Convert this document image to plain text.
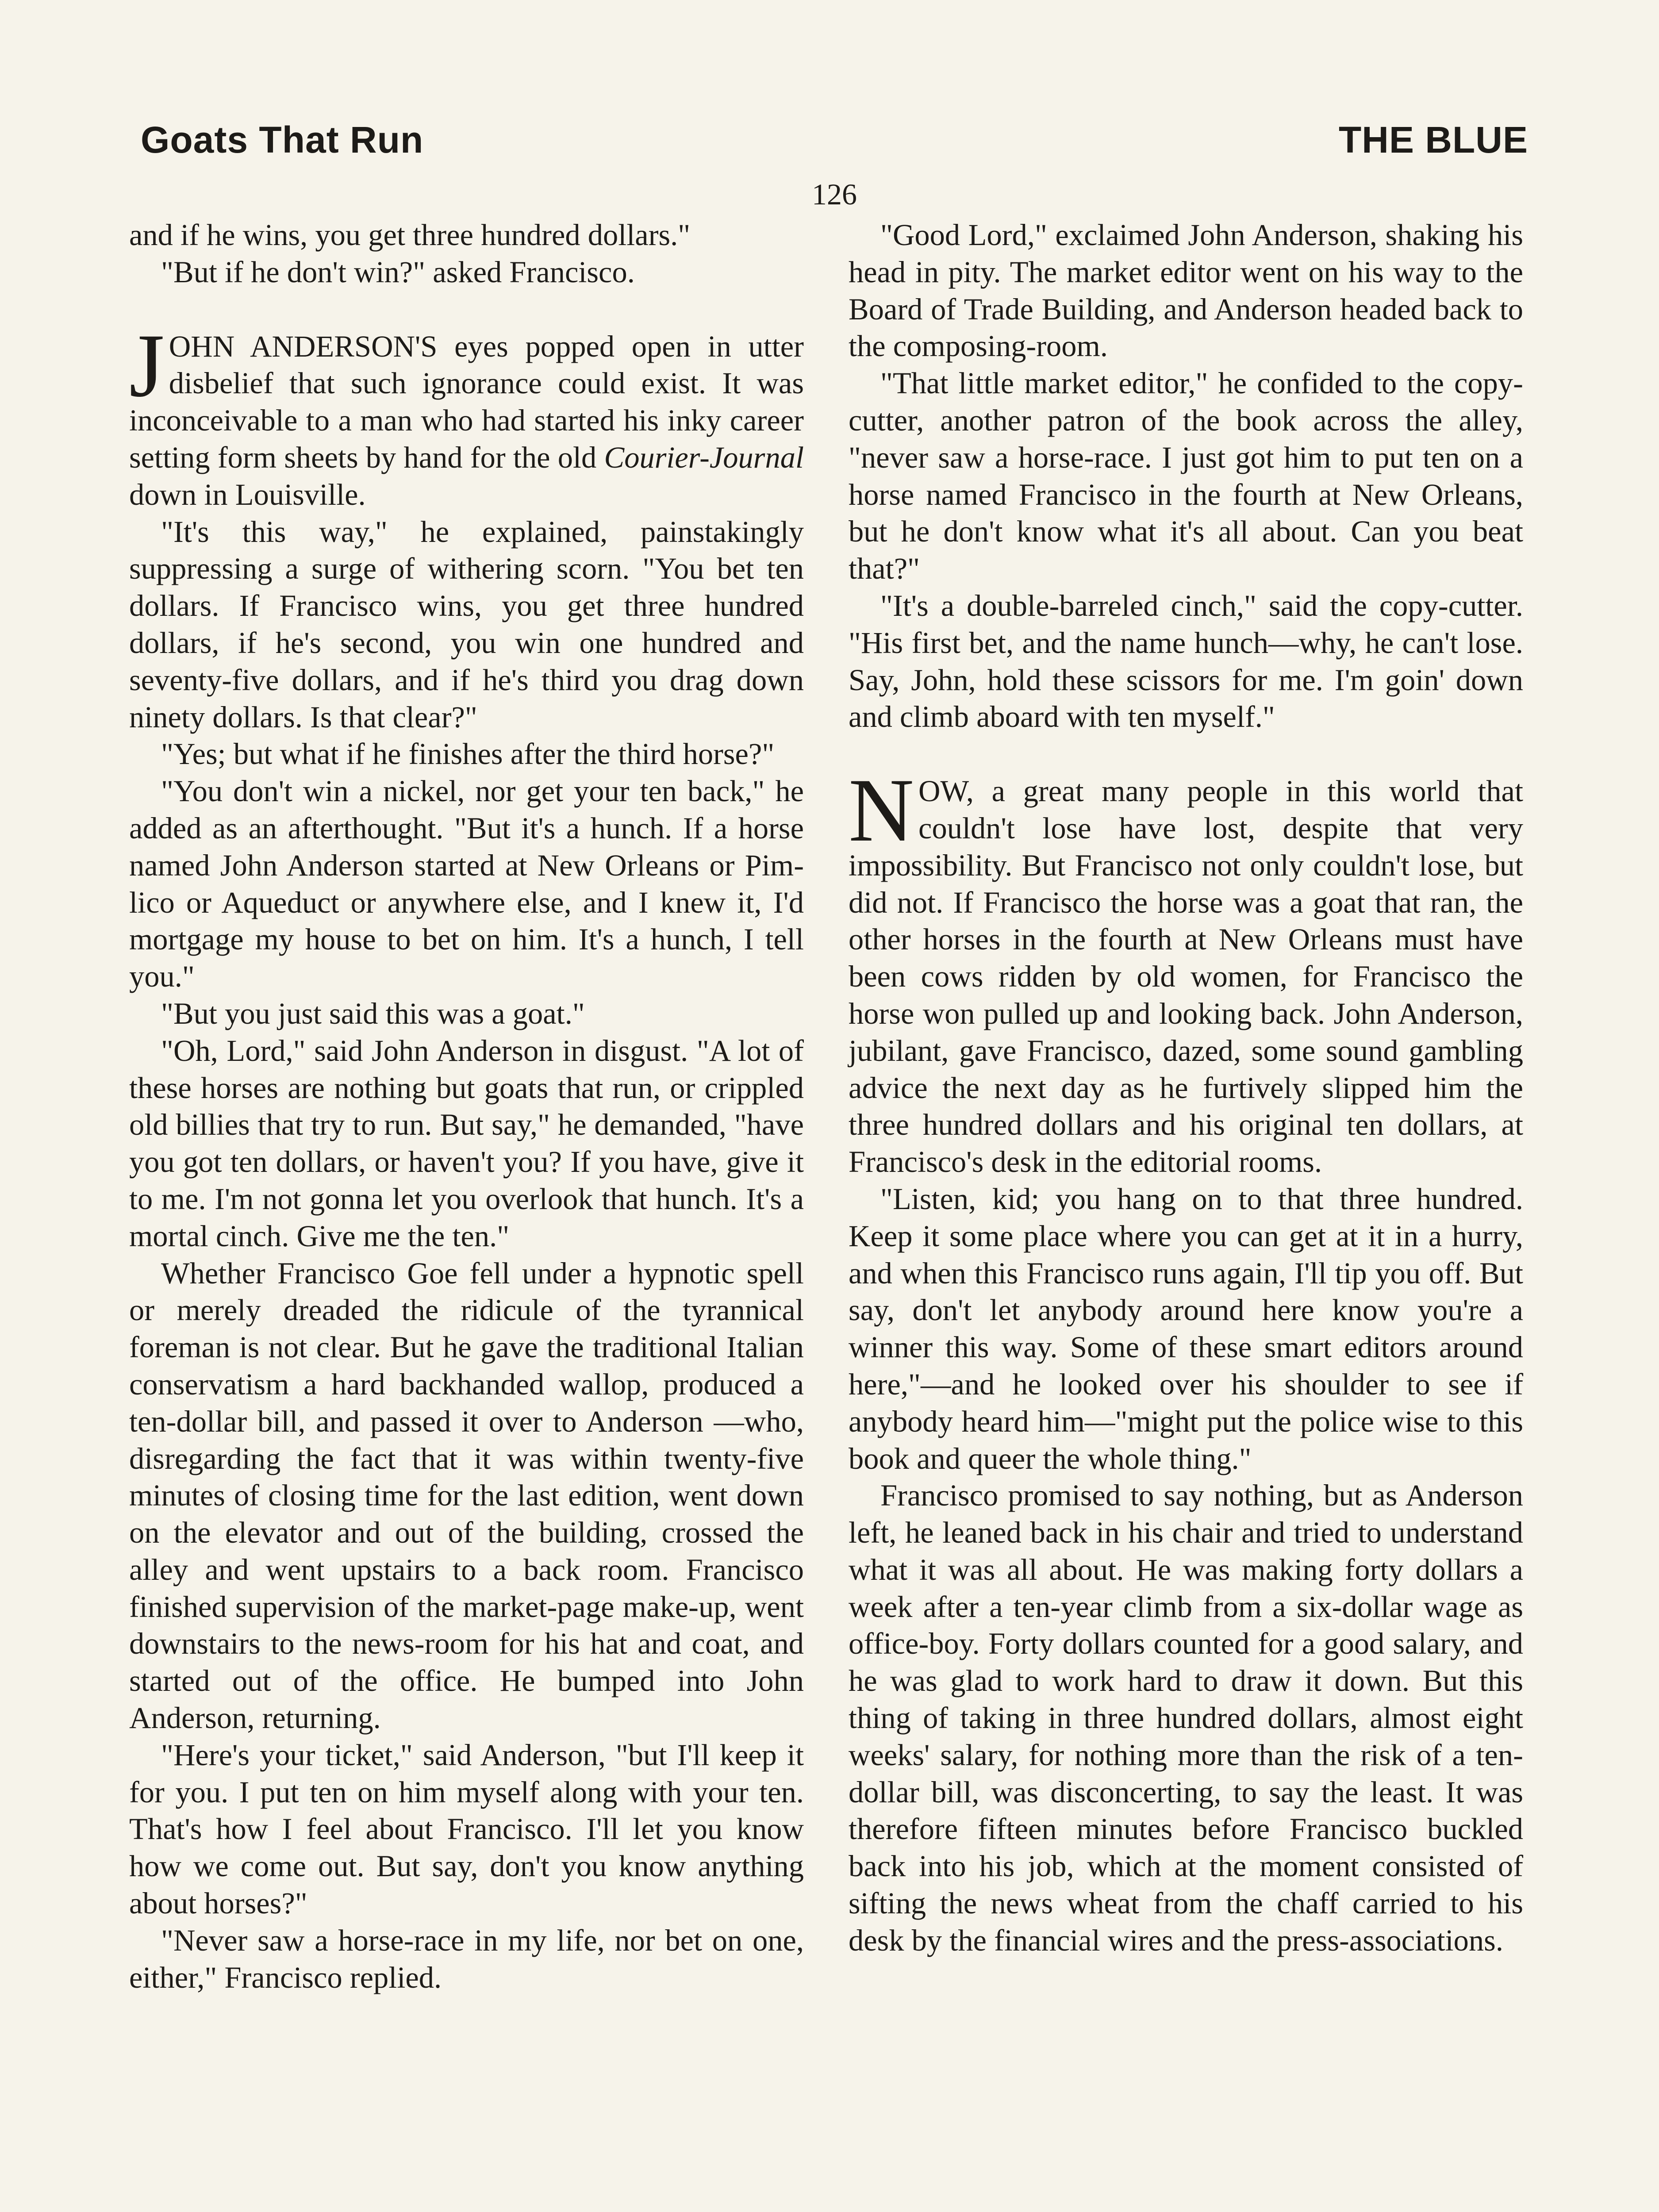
Goats That Run	THE BLUE
126

and if he wins, you get three hundred dollars."

"But if he don't win?" asked Francisco.

JOHN ANDERSON'S eyes popped open in utter disbelief that such ignorance could exist. It was inconceivable to a man who had started his inky career setting form sheets by hand for the old Courier-Journal down in Louisville.

"It's this way," he explained, painstakingly suppressing a surge of withering scorn. "You bet ten dollars. If Francisco wins, you get three hundred dollars, if he's second, you win one hundred and seventy-five dollars, and if he's third you drag down ninety dollars. Is that clear?"

"Yes; but what if he finishes after the third horse?"

"You don't win a nickel, nor get your ten back," he added as an afterthought. "But it's a hunch. If a horse named John Anderson started at New Orleans or Pimlico or Aqueduct or anywhere else, and I knew it, I'd mortgage my house to bet on him. It's a hunch, I tell you."

"But you just said this was a goat."

"Oh, Lord," said John Anderson in disgust. "A lot of these horses are nothing but goats that run, or crippled old billies that try to run. But say," he demanded, "have you got ten dollars, or haven't you? If you have, give it to me. I'm not gonna let you overlook that hunch. It's a mortal cinch. Give me the ten."

Whether Francisco Goe fell under a hypnotic spell or merely dreaded the ridicule of the tyrannical foreman is not clear. But he gave the traditional Italian conservatism a hard backhanded wallop, produced a ten-dollar bill, and passed it over to Anderson —who, disregarding the fact that it was within twenty-five minutes of closing time for the last edition, went down on the elevator and out of the building, crossed the alley and went upstairs to a back room. Francisco finished supervision of the market-page make-up, went downstairs to the news-room for his hat and coat, and started out of the office. He bumped into John Anderson, returning.

"Here's your ticket," said Anderson, "but I'll keep it for you. I put ten on him myself along with your ten. That's how I feel about Francisco. I'll let you know how we come out. But say, don't you know anything about horses?"

"Never saw a horse-race in my life, nor bet on one, either," Francisco replied.

"Good Lord," exclaimed John Anderson, shaking his head in pity. The market editor went on his way to the Board of Trade Building, and Anderson headed back to the composing-room.

"That little market editor," he confided to the copy-cutter, another patron of the book across the alley, "never saw a horse-race. I just got him to put ten on a horse named Francisco in the fourth at New Orleans, but he don't know what it's all about. Can you beat that?"

"It's a double-barreled cinch," said the copy-cutter. "His first bet, and the name hunch—why, he can't lose. Say, John, hold these scissors for me. I'm goin' down and climb aboard with ten myself."

NOW, a great many people in this world that couldn't lose have lost, despite that very impossibility. But Francisco not only couldn't lose, but did not. If Francisco the horse was a goat that ran, the other horses in the fourth at New Orleans must have been cows ridden by old women, for Francisco the horse won pulled up and looking back. John Anderson, jubilant, gave Francisco, dazed, some sound gambling advice the next day as he furtively slipped him the three hundred dollars and his original ten dollars, at Francisco's desk in the editorial rooms.

"Listen, kid; you hang on to that three hundred. Keep it some place where you can get at it in a hurry, and when this Francisco runs again, I'll tip you off. But say, don't let anybody around here know you're a winner this way. Some of these smart editors around here,"—and he looked over his shoulder to see if anybody heard him—"might put the police wise to this book and queer the whole thing."

Francisco promised to say nothing, but as Anderson left, he leaned back in his chair and tried to understand what it was all about. He was making forty dollars a week after a ten-year climb from a six-dollar wage as office-boy. Forty dollars counted for a good salary, and he was glad to work hard to draw it down. But this thing of taking in three hundred dollars, almost eight weeks' salary, for nothing more than the risk of a ten-dollar bill, was disconcerting, to say the least. It was therefore fifteen minutes before Francisco buckled back into his job, which at the moment consisted of sifting the news wheat from the chaff carried to his desk by the financial wires and the press-associations.
